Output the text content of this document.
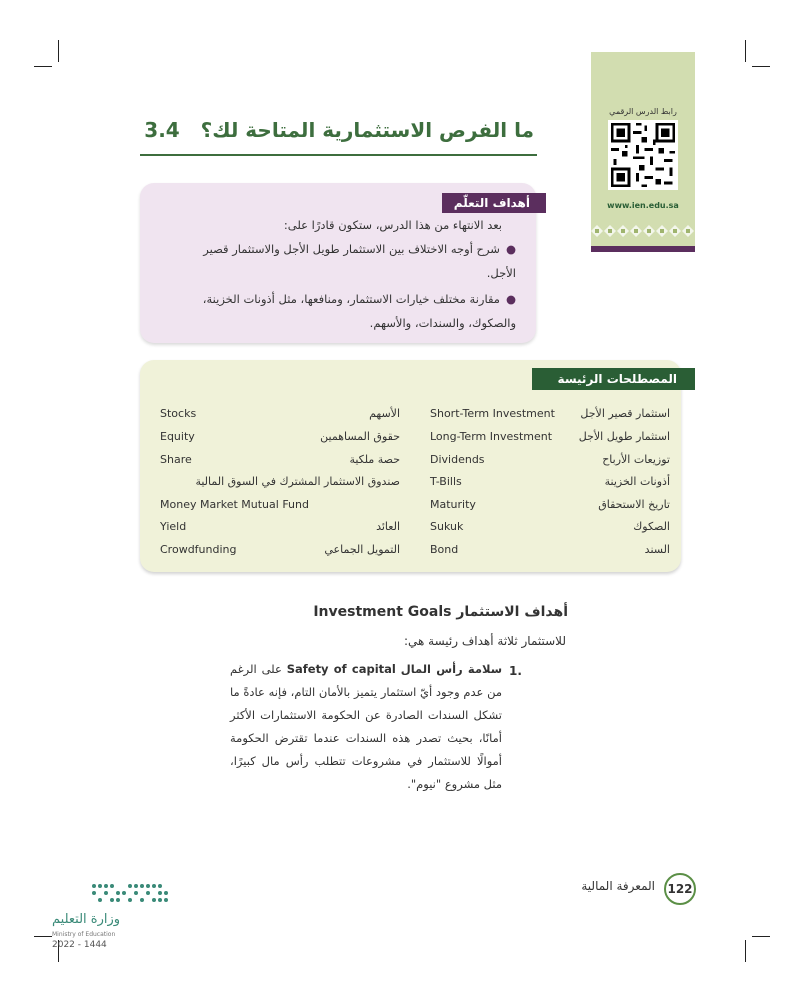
رابط الدرس الرقمي
www.ien.edu.sa
ما الفرص الاستثمارية المتاحة لك؟   3.4
أهداف التعلّم
بعد الانتهاء من هذا الدرس، ستكون قادرًا على:
●شرح أوجه الاختلاف بين الاستثمار طويل الأجل والاستثمار قصير الأجل.
●مقارنة مختلف خيارات الاستثمار، ومنافعها، مثل أذونات الخزينة، والصكوك، والسندات، والأسهم.
المصطلحات الرئيسة
استثمار قصير الأجل
Short-Term Investment
استثمار طويل الأجل
Long-Term Investment
توزيعات الأرباح
Dividends
أذونات الخزينة
T-Bills
تاريخ الاستحقاق
Maturity
الصكوك
Sukuk
السند
Bond
الأسهم
Stocks
حقوق المساهمين
Equity
حصة ملكية
Share
صندوق الاستثمار المشترك في السوق المالية
Money Market Mutual Fund
العائد
Yield
التمويل الجماعي
Crowdfunding
أهداف الاستثمار Investment Goals
للاستثمار ثلاثة أهداف رئيسة هي:
1.
سلامة رأس المال Safety of capital على الرغم من عدم وجود أيّ استثمار يتميز بالأمان التام، فإنه عادةً ما تشكل السندات الصادرة عن الحكومة الاستثمارات الأكثر أمانًا، بحيث تصدر هذه السندات عندما تقترض الحكومة أموالًا للاستثمار في مشروعات تتطلب رأس مال كبيرًا، مثل مشروع "نيوم".
122
المعرفة المالية
وزارة التعليم
Ministry of Education
2022 - 1444
